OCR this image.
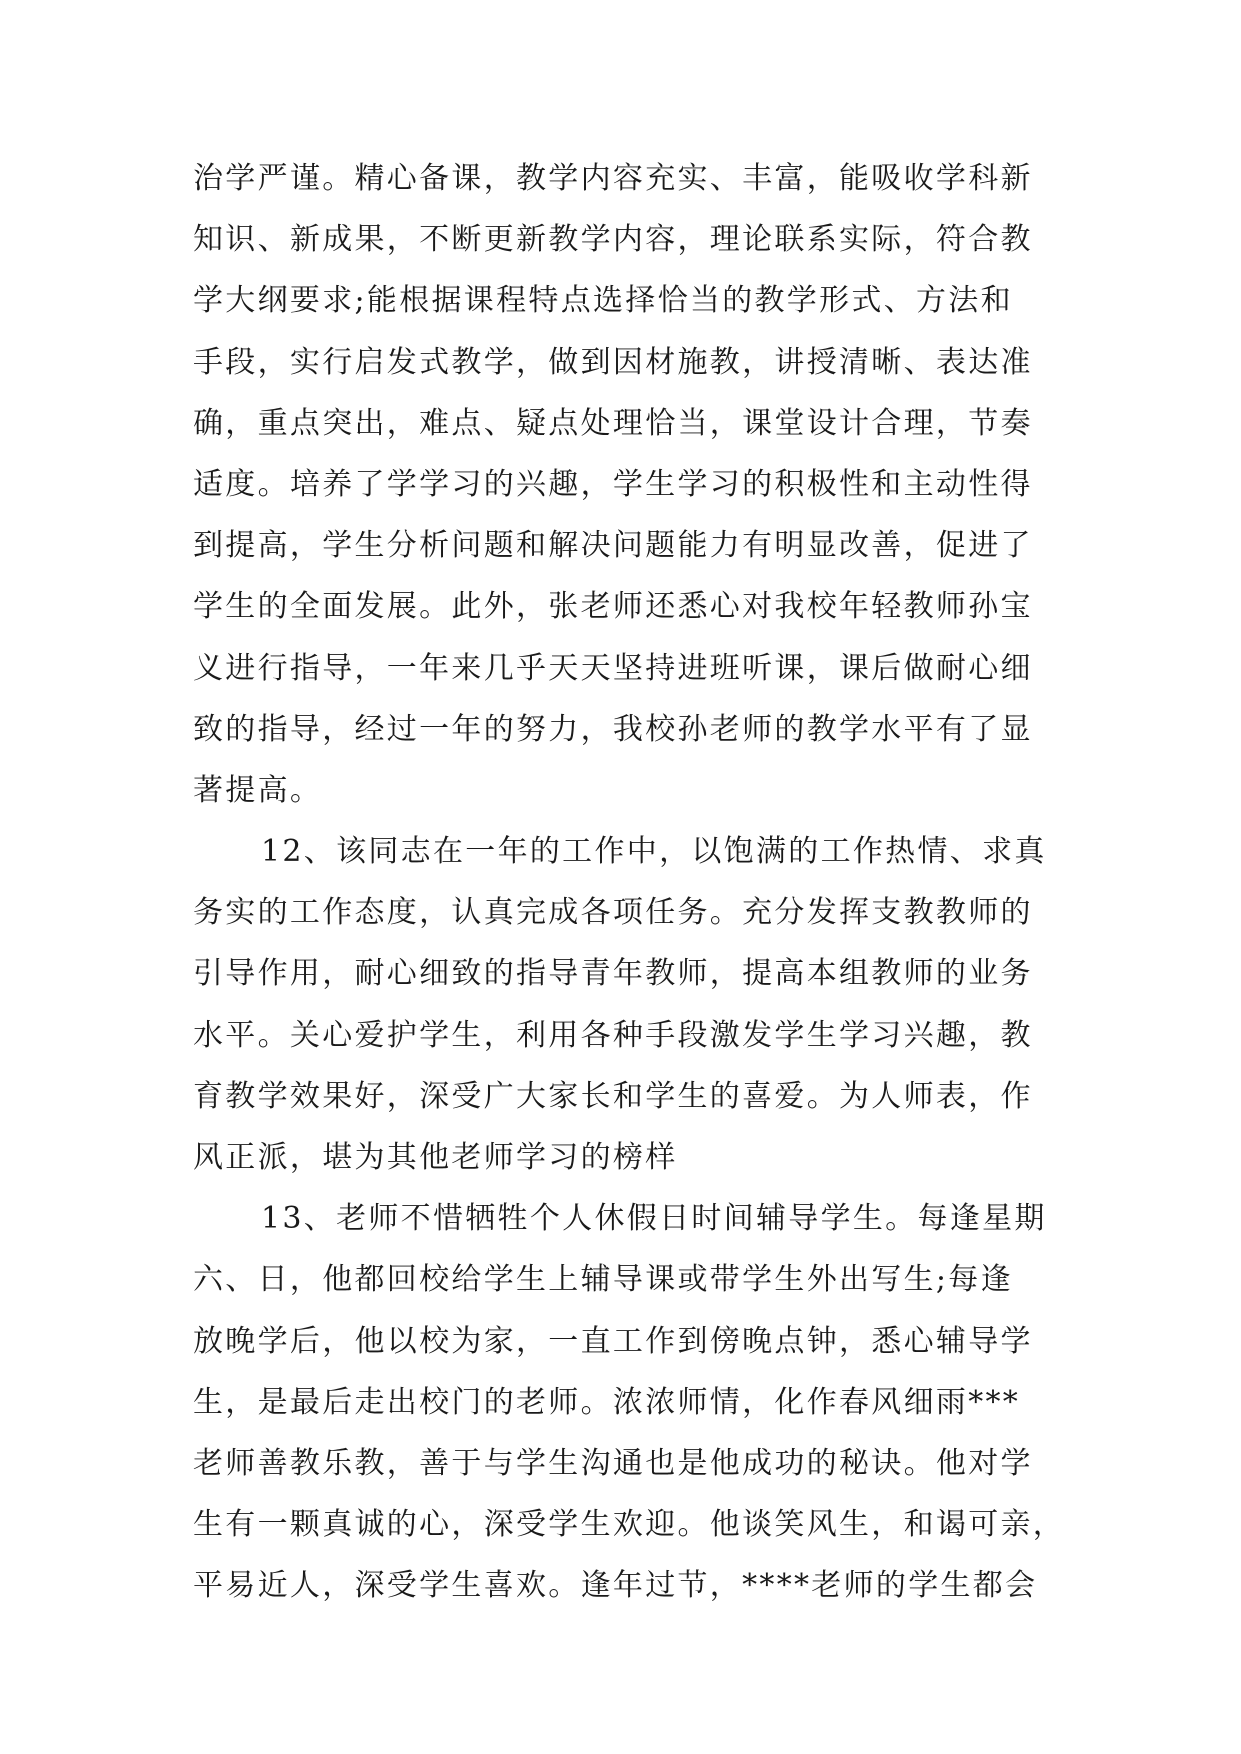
治学严谨。精心备课，教学内容充实、丰富，能吸收学科新
知识、新成果，不断更新教学内容，理论联系实际，符合教
学大纲要求;能根据课程特点选择恰当的教学形式、方法和
手段，实行启发式教学，做到因材施教，讲授清晰、表达准
确，重点突出，难点、疑点处理恰当，课堂设计合理，节奏
适度。培养了学学习的兴趣，学生学习的积极性和主动性得
到提高，学生分析问题和解决问题能力有明显改善，促进了
学生的全面发展。此外，张老师还悉心对我校年轻教师孙宝
义进行指导，一年来几乎天天坚持进班听课，课后做耐心细
致的指导，经过一年的努力，我校孙老师的教学水平有了显
著提高。
12、该同志在一年的工作中，以饱满的工作热情、求真
务实的工作态度，认真完成各项任务。充分发挥支教教师的
引导作用，耐心细致的指导青年教师，提高本组教师的业务
水平。关心爱护学生，利用各种手段激发学生学习兴趣，教
育教学效果好，深受广大家长和学生的喜爱。为人师表，作
风正派，堪为其他老师学习的榜样
13、老师不惜牺牲个人休假日时间辅导学生。每逢星期
六、日，他都回校给学生上辅导课或带学生外出写生;每逢
放晚学后，他以校为家，一直工作到傍晚点钟，悉心辅导学
生，是最后走出校门的老师。浓浓师情，化作春风细雨***
老师善教乐教，善于与学生沟通也是他成功的秘诀。他对学
生有一颗真诚的心，深受学生欢迎。他谈笑风生，和谒可亲，
平易近人，深受学生喜欢。逢年过节，****老师的学生都会
